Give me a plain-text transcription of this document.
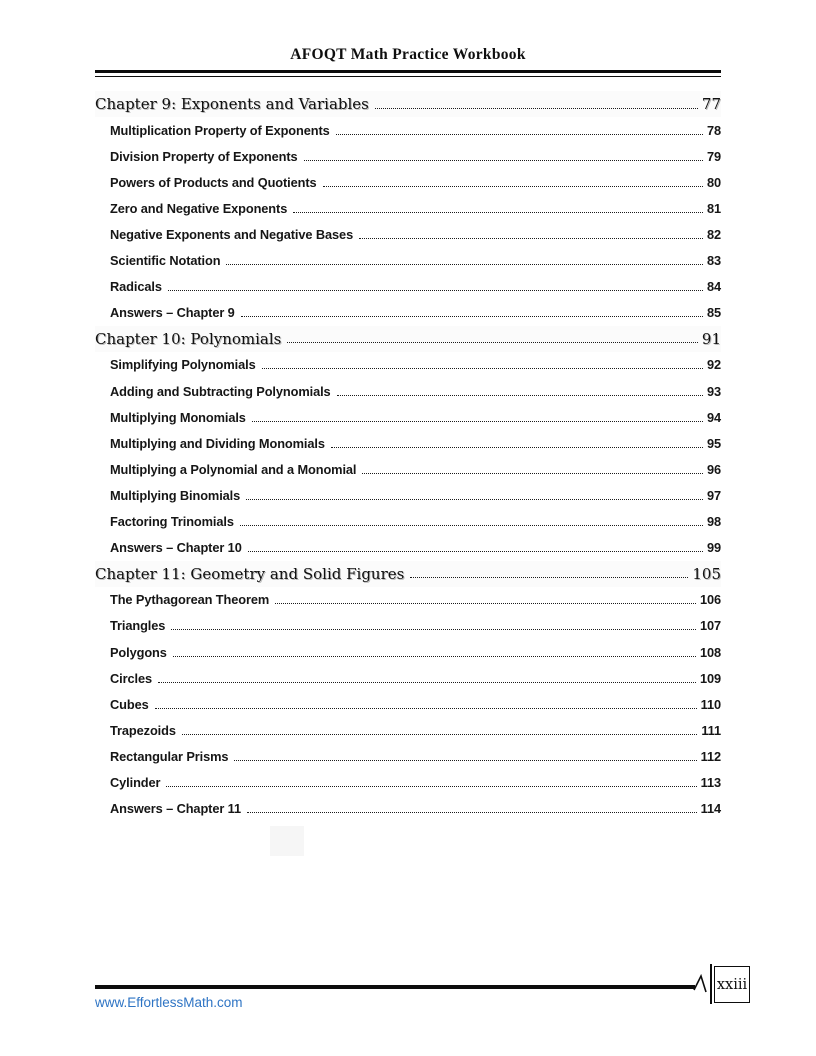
AFOQT Math Practice Workbook
Chapter 9: Exponents and Variables	77
Multiplication Property of Exponents	78
Division Property of Exponents	79
Powers of Products and Quotients	80
Zero and Negative Exponents	81
Negative Exponents and Negative Bases	82
Scientific Notation	83
Radicals	84
Answers – Chapter 9	85
Chapter 10: Polynomials	91
Simplifying Polynomials	92
Adding and Subtracting Polynomials	93
Multiplying Monomials	94
Multiplying and Dividing Monomials	95
Multiplying a Polynomial and a Monomial	96
Multiplying Binomials	97
Factoring Trinomials	98
Answers – Chapter 10	99
Chapter 11: Geometry and Solid Figures	105
The Pythagorean Theorem	106
Triangles	107
Polygons	108
Circles	109
Cubes	110
Trapezoids	111
Rectangular Prisms	112
Cylinder	113
Answers – Chapter 11	114
xxiii
www.EffortlessMath.com
